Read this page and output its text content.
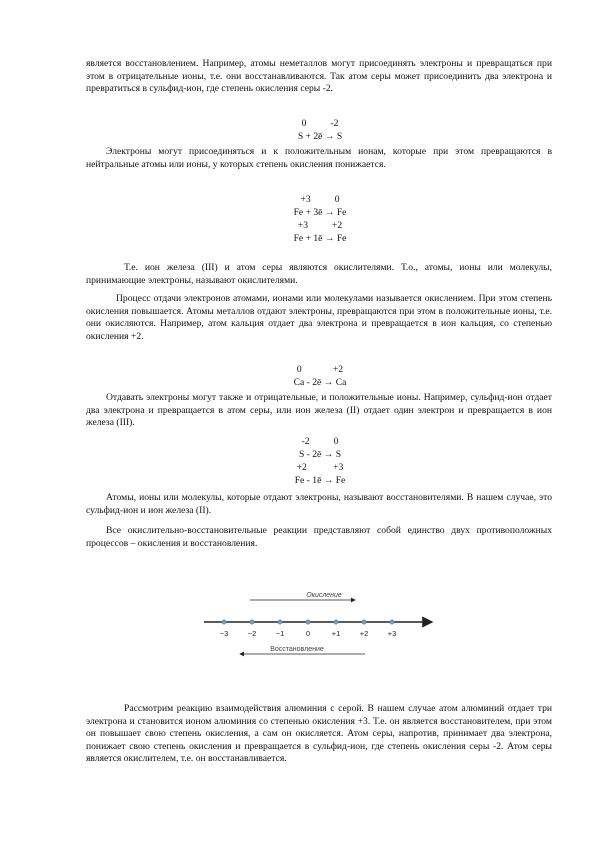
является восстановлением. Например, атомы неметаллов могут присоединять электроны и превращаться при этом в отрицательные ионы, т.е. они восстанавливаются. Так атом серы может присоединить два электрона и превратиться в сульфид-ион, где степень окисления серы -2.

0          -2
S + 2ē → S

Электроны могут присоединяться и к положительным ионам, которые при этом превращаются в нейтральные атомы или ионы, у которых степень окисления понижается.

+3          0
Fe + 3ē → Fe
+3          +2
Fe + 1ē → Fe

Т.е. ион железа (III) и атом серы являются окислителями. Т.о., атомы, ионы или молекулы, принимающие электроны, называют окислителями.

Процесс отдачи электронов атомами, ионами или молекулами называется окислением. При этом степень окисления повышается. Атомы металлов отдают электроны, превращаются при этом в положительные ионы, т.е. они окисляются. Например, атом кальция отдает два электрона и превращается в ион кальция, со степенью окисления +2.

0             +2
Ca - 2ē → Ca

Отдавать электроны могут также и отрицательные, и положительные ионы. Например, сульфид-ион отдает два электрона и превращается в атом серы, или ион железа (II) отдает один электрон и превращается в ион железа (III).

-2          0
S - 2ē → S
+2           +3
Fe - 1ē → Fe

Атомы, ионы или молекулы, которые отдают электроны, называют восстановителями. В нашем случае, это сульфид-ион и ион железа (II).

Все окислительно-восстановительные реакции представляют собой единство двух противоположных процессов – окисления и восстановления.

Окисление
−3	−2	−1	0	+1	+2	+3
Восстановление

Рассмотрим реакцию взаимодействия алюминия с серой. В нашем случае атом алюминий отдает три электрона и становится ионом алюминия со степенью окисления +3. Т.е. он является восстановителем, при этом он повышает свою степень окисления, а сам он окисляется. Атом серы, напротив, принимает два электрона, понижает свою степень окисления и превращается в сульфид-ион, где степень окисления серы -2. Атом серы является окислителем, т.е. он восстанавливается.
